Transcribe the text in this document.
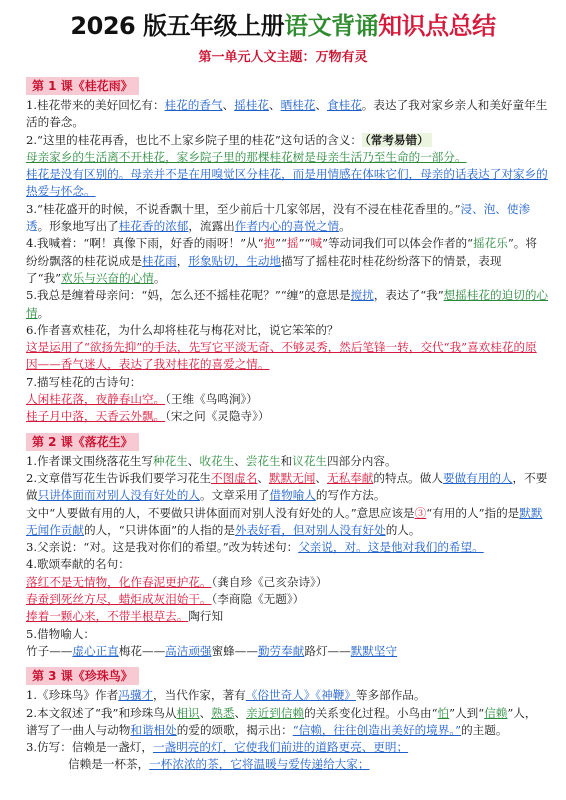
2026 版五年级上册语文背诵知识点总结
第一单元人文主题：万物有灵
第 1 课《桂花雨》

1.桂花带来的美好回忆有：桂花的香气、摇桂花、晒桂花、食桂花。表达了我对家乡亲人和美好童年生活的眷念。

2.“这里的桂花再香，也比不上家乡院子里的桂花”这句话的含义： （常考易错）

母亲家乡的生活离不开桂花，家乡院子里的那棵桂花树是母亲生活乃至生命的一部分。

桂花是没有区别的。母亲并不是在用嗅觉区分桂花，而是用情感在体味它们，母亲的话表达了对家乡的热爱与怀念。

3.“桂花盛开的时候，不说香飘十里，至少前后十几家邻居，没有不浸在桂花香里的。”浸、泡、使渗透。形象地写出了桂花香的浓郁，流露出作者内心的喜悦之情。

4.我喊着：“啊！真像下雨，好香的雨呀！”从“抱”“摇”“喊”等动词我们可以体会作者的“摇花乐”。将纷纷飘落的桂花说成是桂花雨，形象贴切，生动地描写了摇桂花时桂花纷纷落下的情景，表现了“我”欢乐与兴奋的心情。

5.我总是缠着母亲问：“妈，怎么还不摇桂花呢？”“缠”的意思是搅扰，表达了“我”想摇桂花的迫切的心情。

6.作者喜欢桂花，为什么却将桂花与梅花对比，说它笨笨的？

这是运用了“欲扬先抑”的手法，先写它平淡无奇、不够灵秀，然后笔锋一转，交代“我”喜欢桂花的原因——香气迷人，表达了我对桂花的喜爱之情。

7.描写桂花的古诗句：

人闲桂花落，夜静春山空。（王维《鸟鸣涧》）

桂子月中落，天香云外飘。（宋之问《灵隐寺》）

第 2 课《落花生》

1.作者课文围绕落花生写种花生、收花生、尝花生和议花生四部分内容。

2.文章借写花生告诉我们要学习花生不图虚名、默默无闻、无私奉献的特点。做人要做有用的人，不要做只讲体面而对别人没有好处的人。文章采用了借物喻人的写作方法。

文中“人要做有用的人，不要做只讲体面而对别人没有好处的人。”意思应该是③“有用的人”指的是默默无闻作贡献的人，“只讲体面”的人指的是外表好看，但对别人没有好处的人。

3.父亲说：“对。这是我对你们的希望。”改为转述句：父亲说，对。这是他对我们的希望。

4.歌颂奉献的名句：

落红不是无情物，化作春泥更护花。（龚自珍《己亥杂诗》）

春蚕到死丝方尽，蜡炬成灰泪始干。（李商隐《无题》）

捧着一颗心来，不带半根草去。陶行知

5.借物喻人：

竹子——虚心正直梅花——高洁顽强蜜蜂——勤劳奉献路灯——默默坚守

第 3 课《珍珠鸟》

1.《珍珠鸟》作者冯骥才，当代作家，著有《俗世奇人》《神鞭》等多部作品。

2.本文叙述了“我”和珍珠鸟从相识、熟悉、亲近到信赖的关系变化过程。小鸟由“怕”人到“信赖”人，谱写了一曲人与动物和谐相处的爱的颂歌，揭示出：“信赖，往往创造出美好的境界。”的主题。

3.仿写：信赖是一盏灯，一盏明亮的灯，它使我们前进的道路更亮、更明；

信赖是一杯茶，一杯浓浓的茶，它将温暖与爱传递给大家；
